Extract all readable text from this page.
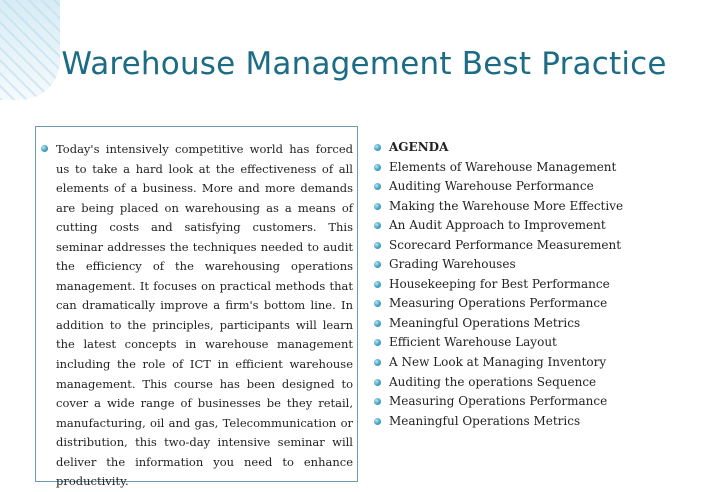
Warehouse Management Best Practice

Today's intensively competitive world has forced us to take a hard look at the effectiveness of all elements of a business. More and more demands are being placed on warehousing as a means of cutting costs and satisfying customers. This seminar addresses the techniques needed to audit the efficiency of the warehousing operations management. It focuses on practical methods that can dramatically improve a firm's bottom line. In addition to the principles, participants will learn the latest concepts in warehouse management including the role of ICT in efficient warehouse management. This course has been designed to cover a wide range of businesses be they retail, manufacturing, oil and gas, Telecommunication or distribution, this two-day intensive seminar will deliver the information you need to enhance productivity.

AGENDA
Elements of Warehouse Management
Auditing Warehouse Performance
Making the Warehouse More Effective
An Audit Approach to Improvement
Scorecard Performance Measurement
Grading Warehouses
Housekeeping for Best Performance
Measuring Operations Performance
Meaningful Operations Metrics
Efficient Warehouse Layout
A New Look at Managing Inventory
Auditing the operations Sequence
Measuring Operations Performance
Meaningful Operations Metrics
